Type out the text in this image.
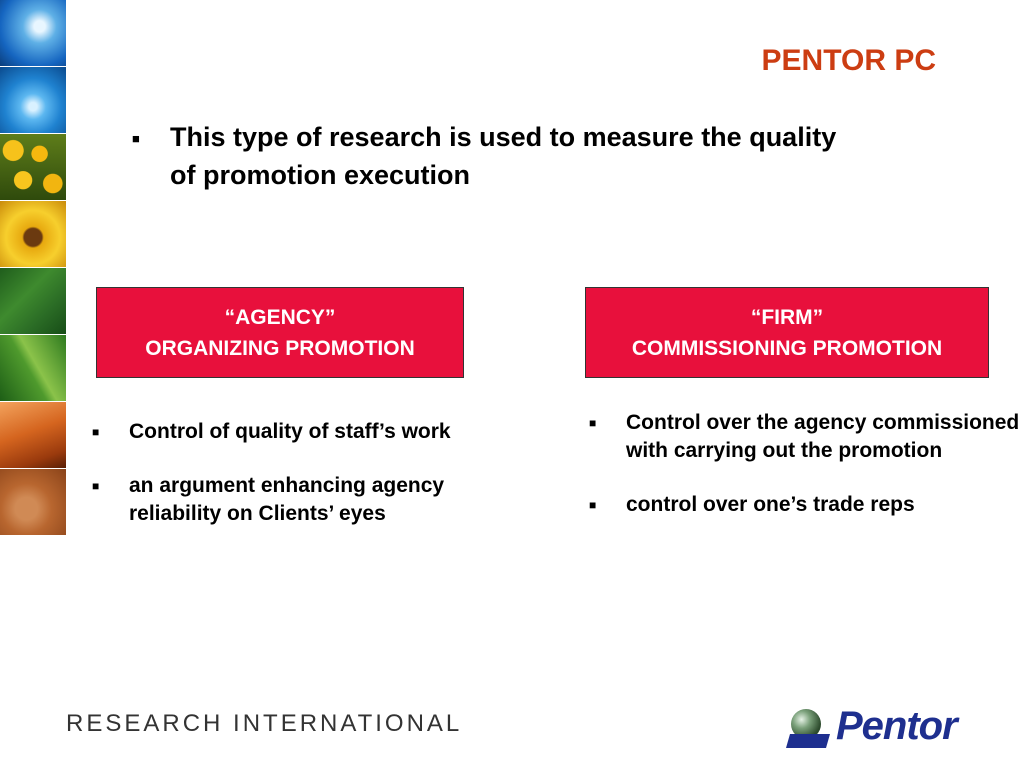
PENTOR PC
■	This type of research is used to measure the quality of promotion execution
“AGENCY”
ORGANIZING PROMOTION
“FIRM”
COMMISSIONING PROMOTION
■	Control of quality of staff’s work
■	an argument enhancing agency reliability on Clients’ eyes
■	Control over the agency commissioned with carrying out the promotion
■	control over one’s trade reps
RESEARCH INTERNATIONAL	Pentor
